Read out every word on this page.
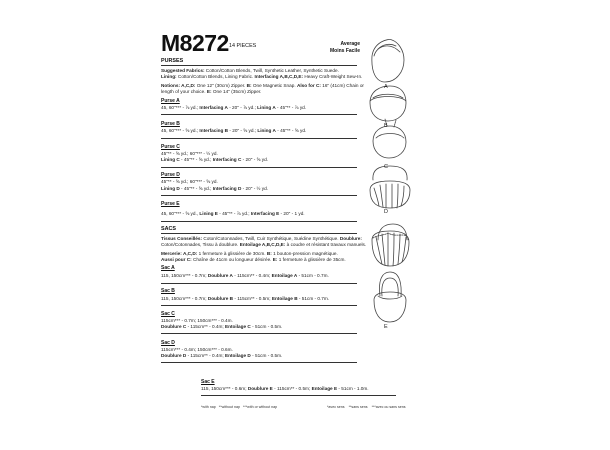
M8272 14 PIECES	Average
Moins Facile
PURSES
Suggested Fabrics: Cotton/Cotton Blends, Twill, Synthetic Leather, Synthetic Suede.
Lining: Cotton/Cotton Blends, Lining Fabric. Interfacing A,B,C,D,E: Heavy Craft-Weight Sew-In.
Notions: A,C,D: One 12" (30cm) Zipper. B: One Magnetic Snap. Also for C: 16" (41cm) Chain or
length of your choice. E: One 14" (35cm) Zipper.
Purse A
45, 60"*** - ⅞ yd.; Interfacing A - 20" - ⅞ yd.; Lining A - 45"** - ⅞ yd.
Purse B
45, 60"*** - ⅝ yd.; Interfacing B - 20" - ⅝ yd.; Lining A - 45"** - ⅝ yd.
Purse C
45"** - ⅝ yd.; 60"*** - ½ yd.
Lining C - 45"** - ⅝ yd.; Interfacing C - 20" - ⅝ yd.
Purse D
45"** - ⅝ yd.; 60"*** - ⅝ yd.
Lining D - 45"** - ⅝ yd.; Interfacing D - 20" - ½ yd.
Purse E
45, 60"*** - ⅝ yd., Lining E - 45"** - ⅞ yd.; Interfacing E - 20" - 1 yd.
SACS
Tissus Conseillés: Coton/Cotonnades, Twill, Cuir Synthétique, Suédine Synthétique. Doublure:
Coton/Cotonnades, Tissu à doublure. Entoilage A,B,C,D,E: à coudre et résistant travaux manuels.
Mercerie: A,C,D: 1 fermeture à glissière de 30cm. B: 1 bouton-pression magnétique.
Aussi pour C: Chaîne de 41cm ou longueur désirée. E: 1 fermeture à glissière de 35cm.
Sac A
115, 150cm*** - 0.7m; Doublure A - 115cm** - 0.4m; Entoilage A - 51cm - 0.7m.
Sac B
115, 150cm*** - 0.7m; Doublure B - 115cm** - 0.5m; Entoilage B - 51cm - 0.7m.
Sac C
115cm*** - 0.7m; 150cm*** - 0.4m.
Doublure C - 115cm** - 0.4m; Entoilage C - 51cm - 0.5m.
Sac D
115cm*** - 0.4m; 150cm*** - 0.6m.
Doublure D - 115cm** - 0.4m; Entoilage D - 51cm - 0.5m.
Sac E
115, 150cm*** - 0.6m; Doublure E - 115cm** - 0.5m; Entoilage E - 51cm - 1.0m.
*with nap **without nap ***with or without nap	*avec sens **sans sens ***avec ou sans sens
A
B
C
D
E
